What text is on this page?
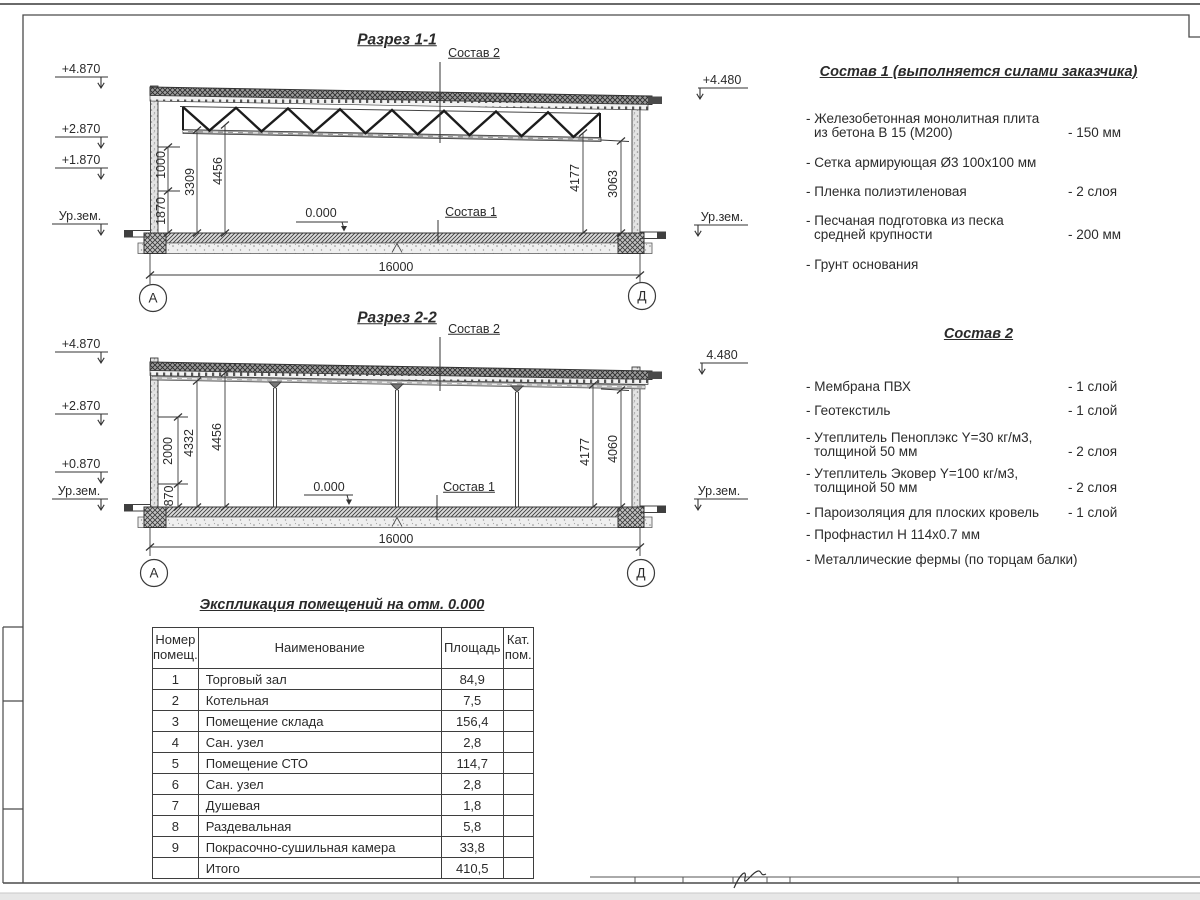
Разрез 1-1
Состав 2
Состав 1
+4.870
+2.870
+1.870
Ур.зем.
+4.480
Ур.зем.
1870
1000
3309 4456	4177 3063
0.000
16000
А	Д
Разрез 2-2
Состав 2
Состав 1
+4.870
+2.870
+0.870
Ур.зем.
4.480
Ур.зем.
870
2000 4332 4456
4177 4060
0.000
16000
А	Д
Состав 1 (выполняется силами заказчика)
- Железобетонная монолитная плита
из бетона В 15 (М200)	- 150 мм
- Сетка армирующая Ø3 100х100 мм
- Пленка полиэтиленовая	- 2 слоя
- Песчаная подготовка из песка
средней крупности	- 200 мм
- Грунт основания
Состав 2
- Мембрана ПВХ	- 1 слой
- Геотекстиль	- 1 слой
- Утеплитель Пеноплэкс Y=30 кг/м3,
толщиной 50 мм	- 2 слоя
- Утеплитель Эковер Y=100 кг/м3,
толщиной 50 мм	- 2 слоя
- Пароизоляция для плоских кровель	- 1 слой
- Профнастил Н 114х0.7 мм
- Металлические фермы (по торцам балки)
Экспликация помещений на отм. 0.000
Номер помещ.	Наименование	Площадь	Кат. пом.
1	Торговый зал	84,9	
2	Котельная	7,5	
3	Помещение склада	156,4	
4	Сан. узел	2,8	
5	Помещение СТО	114,7	
6	Сан. узел	2,8	
7	Душевая	1,8	
8	Раздевальная	5,8	
9	Покрасочно-сушильная камера	33,8	
	Итого	410,5	
